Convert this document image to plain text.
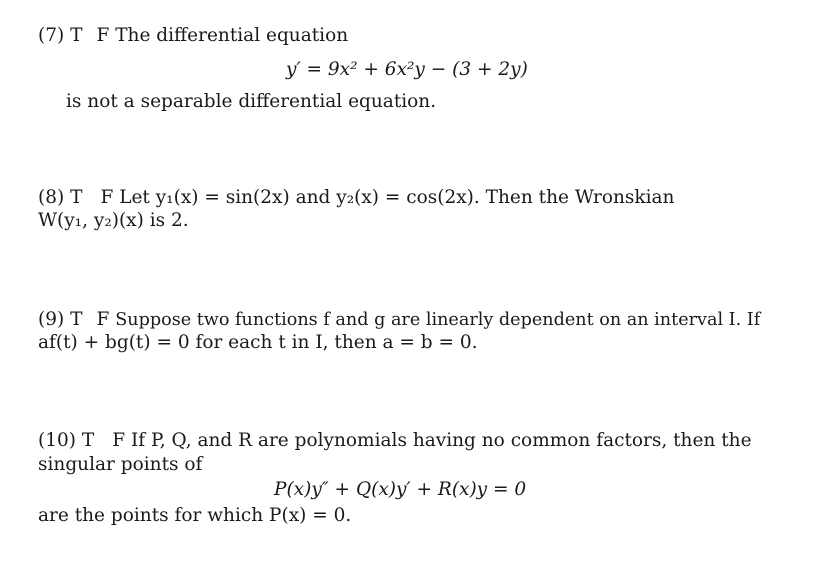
(7) T F The differential equation
y′ = 9x² + 6x²y − (3 + 2y)
is not a separable differential equation.
(8) T F Let y₁(x) = sin(2x) and y₂(x) = cos(2x). Then the Wronskian
W(y₁, y₂)(x) is 2.
(9) T F Suppose two functions f and g are linearly dependent on an interval I. If
af(t) + bg(t) = 0 for each t in I, then a = b = 0.
(10) T F If P, Q, and R are polynomials having no common factors, then the
singular points of
P(x)y″ + Q(x)y′ + R(x)y = 0
are the points for which P(x) = 0.
